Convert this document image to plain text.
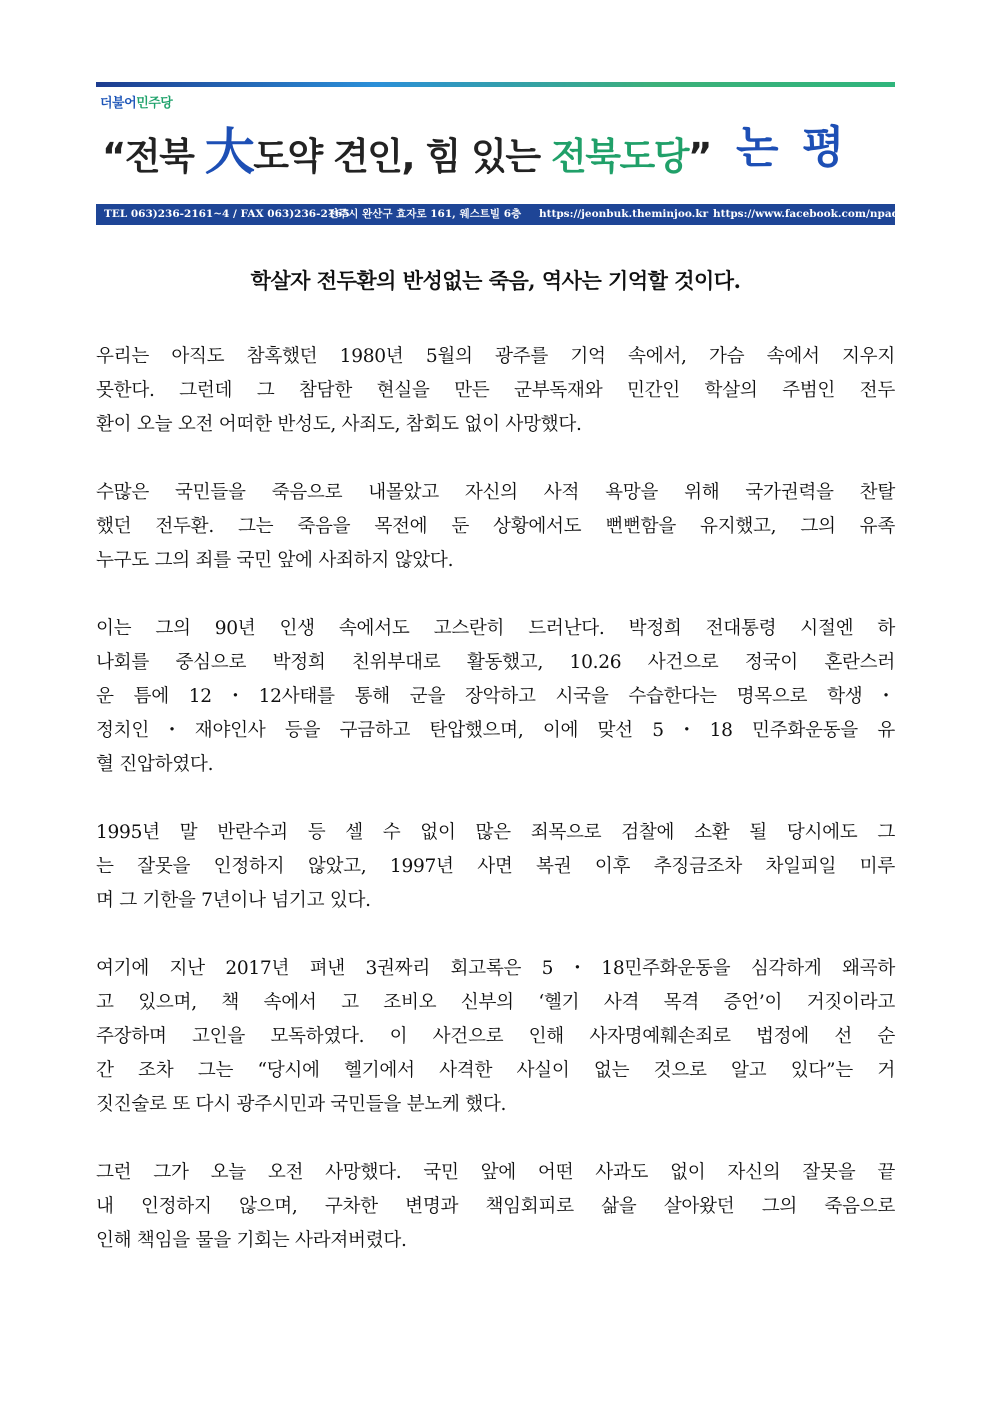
더불어민주당
“전북 大도약 견인, 힘 있는 전북도당” 논 평
TEL 063)236-2161~4 / FAX 063)236-2165
전주시 완산구 효자로 161, 웨스트빌 6층 https://jeonbuk.theminjoo.kr https://www.facebook.com/npadjb
학살자 전두환의 반성없는 죽음, 역사는 기억할 것이다.
우리는 아직도 참혹했던 1980년 5월의 광주를 기억 속에서, 가슴 속에서 지우지
못한다. 그런데 그 참담한 현실을 만든 군부독재와 민간인 학살의 주범인 전두
환이 오늘 오전 어떠한 반성도, 사죄도, 참회도 없이 사망했다.
수많은 국민들을 죽음으로 내몰았고 자신의 사적 욕망을 위해 국가권력을 찬탈
했던 전두환. 그는 죽음을 목전에 둔 상황에서도 뻔뻔함을 유지했고, 그의 유족
누구도 그의 죄를 국민 앞에 사죄하지 않았다.
이는 그의 90년 인생 속에서도 고스란히 드러난다. 박정희 전대통령 시절엔 하
나회를 중심으로 박정희 친위부대로 활동했고, 10.26 사건으로 정국이 혼란스러
운 틈에 12・12사태를 통해 군을 장악하고 시국을 수습한다는 명목으로 학생・
정치인・재야인사 등을 구금하고 탄압했으며, 이에 맞선 5・18 민주화운동을 유
혈 진압하였다.
1995년 말 반란수괴 등 셀 수 없이 많은 죄목으로 검찰에 소환 될 당시에도 그
는 잘못을 인정하지 않았고, 1997년 사면 복권 이후 추징금조차 차일피일 미루
며 그 기한을 7년이나 넘기고 있다.
여기에 지난 2017년 펴낸 3권짜리 회고록은 5・18민주화운동을 심각하게 왜곡하
고 있으며, 책 속에서 고 조비오 신부의 ‘헬기 사격 목격 증언’이 거짓이라고
주장하며 고인을 모독하였다. 이 사건으로 인해 사자명예훼손죄로 법정에 선 순
간 조차 그는 “당시에 헬기에서 사격한 사실이 없는 것으로 알고 있다”는 거
짓진술로 또 다시 광주시민과 국민들을 분노케 했다.
그런 그가 오늘 오전 사망했다. 국민 앞에 어떤 사과도 없이 자신의 잘못을 끝
내 인정하지 않으며, 구차한 변명과 책임회피로 삶을 살아왔던 그의 죽음으로
인해 책임을 물을 기회는 사라져버렸다.
